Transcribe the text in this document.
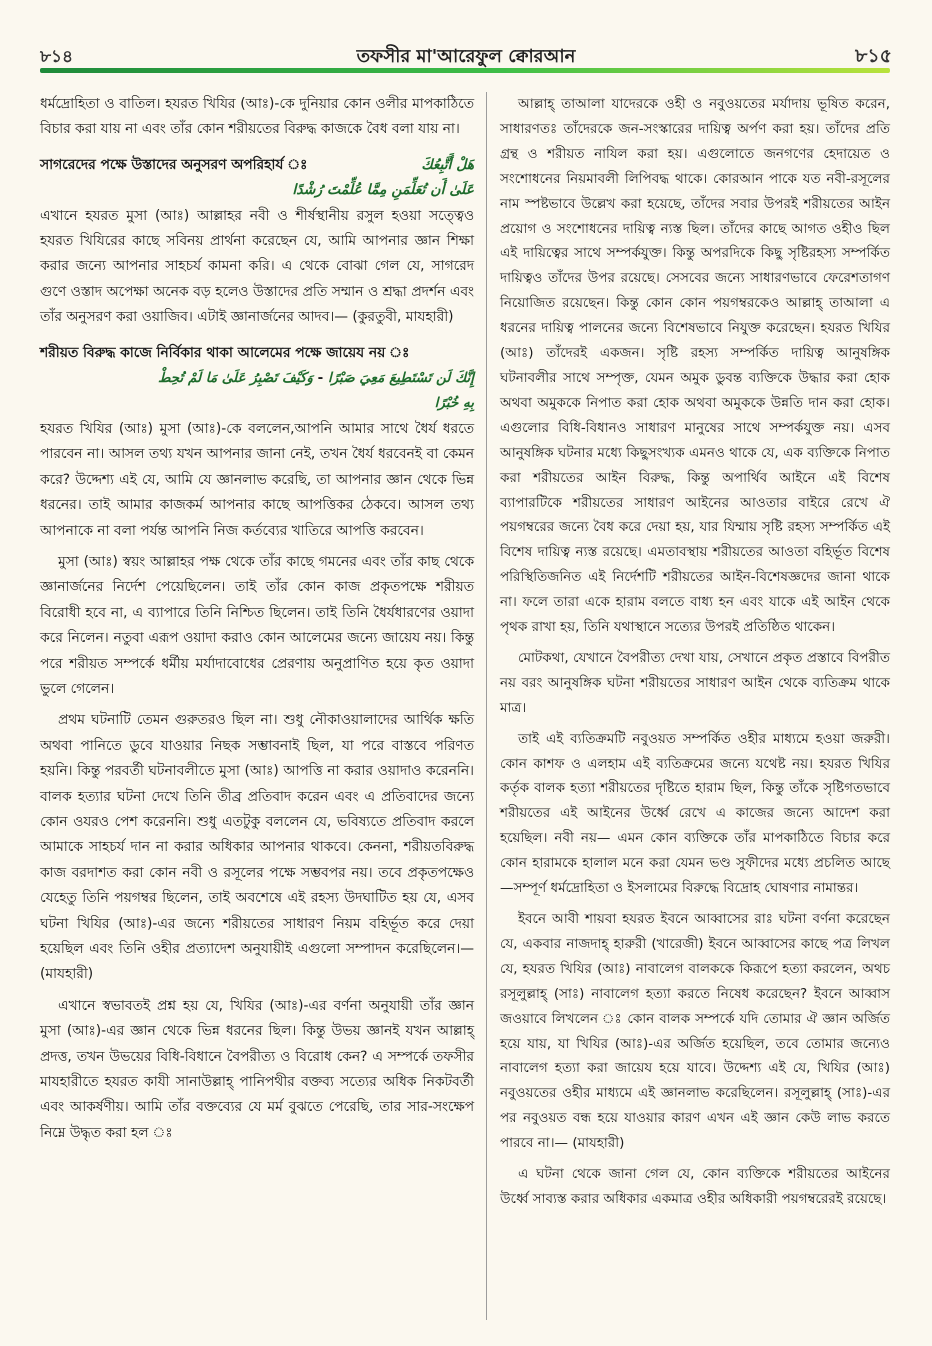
৮১৪	তফসীর মা'আরেফুল ক্বোরআন	৮১৫

ধর্মদ্রোহিতা ও বাতিল। হযরত খিযির (আঃ)-কে দুনিয়ার কোন ওলীর মাপকাঠিতে বিচার করা যায় না এবং তাঁর কোন শরীয়তের বিরুদ্ধ কাজকে বৈধ বলা যায় না।

সাগরেদের পক্ষে উস্তাদের অনুসরণ অপরিহার্য ঃ	هَلْ أَتَّبِعُكَ
عَلَىٰ أَن تُعَلِّمَنِ مِمَّا عُلِّمْتَ رُشْدًا

এখানে হযরত মুসা (আঃ) আল্লাহর নবী ও শীর্ষস্থানীয় রসুল হওয়া সত্ত্বেও হযরত খিযিরের কাছে সবিনয় প্রার্থনা করেছেন যে, আমি আপনার জ্ঞান শিক্ষা করার জন্যে আপনার সাহচর্য কামনা করি। এ থেকে বোঝা গেল যে, সাগরেদ গুণে ওস্তাদ অপেক্ষা অনেক বড় হলেও উস্তাদের প্রতি সম্মান ও শ্রদ্ধা প্রদর্শন এবং তাঁর অনুসরণ করা ওয়াজিব। এটাই জ্ঞানার্জনের আদব।— (কুরতুবী, মাযহারী)

শরীয়ত বিরুদ্ধ কাজে নির্বিকার থাকা আলেমের পক্ষে জায়েয নয় ঃ

وَكَيْفَ تَصْبِرُ عَلَىٰ مَا لَمْ تُحِطْ - إِنَّكَ لَن تَسْتَطِيعَ مَعِيَ صَبْرًا
بِهِ خُبْرًا

হযরত খিযির (আঃ) মুসা (আঃ)-কে বললেন,আপনি আমার সাথে ধৈর্য ধরতে পারবেন না। আসল তথ্য যখন আপনার জানা নেই, তখন ধৈর্য ধরবেনই বা কেমন করে? উদ্দেশ্য এই যে, আমি যে জ্ঞানলাভ করেছি, তা আপনার জ্ঞান থেকে ভিন্ন ধরনের। তাই আমার কাজকর্ম আপনার কাছে আপত্তিকর ঠেকবে। আসল তথ্য আপনাকে না বলা পর্যন্ত আপনি নিজ কর্তব্যের খাতিরে আপত্তি করবেন।

মুসা (আঃ) স্বয়ং আল্লাহর পক্ষ থেকে তাঁর কাছে গমনের এবং তাঁর কাছ থেকে জ্ঞানার্জনের নির্দেশ পেয়েছিলেন। তাই তাঁর কোন কাজ প্রকৃতপক্ষে শরীয়ত বিরোধী হবে না, এ ব্যাপারে তিনি নিশ্চিত ছিলেন। তাই তিনি ধৈর্যধারণের ওয়াদা করে নিলেন। নতুবা এরূপ ওয়াদা করাও কোন আলেমের জন্যে জায়েয নয়। কিন্তু পরে শরীয়ত সম্পর্কে ধর্মীয় মর্যাদাবোধের প্রেরণায় অনুপ্রাণিত হয়ে কৃত ওয়াদা ভুলে গেলেন।

প্রথম ঘটনাটি তেমন গুরুতরও ছিল না। শুধু নৌকাওয়ালাদের আর্থিক ক্ষতি অথবা পানিতে ডুবে যাওয়ার নিছক সম্ভাবনাই ছিল, যা পরে বাস্তবে পরিণত হয়নি। কিন্তু পরবর্তী ঘটনাবলীতে মুসা (আঃ) আপত্তি না করার ওয়াদাও করেননি। বালক হত্যার ঘটনা দেখে তিনি তীব্র প্রতিবাদ করেন এবং এ প্রতিবাদের জন্যে কোন ওযরও পেশ করেননি। শুধু এতটুকু বললেন যে, ভবিষ্যতে প্রতিবাদ করলে আমাকে সাহচর্য দান না করার অধিকার আপনার থাকবে। কেননা, শরীয়তবিরুদ্ধ কাজ বরদাশত করা কোন নবী ও রসূলের পক্ষে সম্ভবপর নয়। তবে প্রকৃতপক্ষেও যেহেতু তিনি পয়গম্বর ছিলেন, তাই অবশেষে এই রহস্য উদঘাটিত হয় যে, এসব ঘটনা খিযির (আঃ)-এর জন্যে শরীয়তের সাধারণ নিয়ম বহির্ভূত করে দেয়া হয়েছিল এবং তিনি ওহীর প্রত্যাদেশ অনুযায়ীই এগুলো সম্পাদন করেছিলেন।— (মাযহারী)

এখানে স্বভাবতই প্রশ্ন হয় যে, খিযির (আঃ)-এর বর্ণনা অনুযায়ী তাঁর জ্ঞান মুসা (আঃ)-এর জ্ঞান থেকে ভিন্ন ধরনের ছিল। কিন্তু উভয় জ্ঞানই যখন আল্লাহ্ প্রদত্ত, তখন উভয়ের বিধি-বিধানে বৈপরীত্য ও বিরোধ কেন? এ সম্পর্কে তফসীর মাযহারীতে হযরত কাযী সানাউল্লাহ্ পানিপথীর বক্তব্য সত্যের অধিক নিকটবর্তী এবং আকর্ষণীয়। আমি তাঁর বক্তব্যের যে মর্ম বুঝতে পেরেছি, তার সার-সংক্ষেপ নিম্নে উদ্ধৃত করা হল ঃ

আল্লাহ্ তাআলা যাদেরকে ওহী ও নবুওয়তের মর্যাদায় ভূষিত করেন, সাধারণতঃ তাঁদেরকে জন-সংস্কারের দায়িত্ব অর্পণ করা হয়। তাঁদের প্রতি গ্রন্থ ও শরীয়ত নাযিল করা হয়। এগুলোতে জনগণের হেদায়েত ও সংশোধনের নিয়মাবলী লিপিবদ্ধ থাকে। কোরআন পাকে যত নবী-রসূলের নাম স্পষ্টভাবে উল্লেখ করা হয়েছে, তাঁদের সবার উপরই শরীয়তের আইন প্রয়োগ ও সংশোধনের দায়িত্ব ন্যস্ত ছিল। তাঁদের কাছে আগত ওহীও ছিল এই দায়িত্বের সাথে সম্পর্কযুক্ত। কিন্তু অপরদিকে কিছু সৃষ্টিরহস্য সম্পর্কিত দায়িত্বও তাঁদের উপর রয়েছে। সেসবের জন্যে সাধারণভাবে ফেরেশতাগণ নিয়োজিত রয়েছেন। কিন্তু কোন কোন পয়গম্বরকেও আল্লাহ্ তাআলা এ ধরনের দায়িত্ব পালনের জন্যে বিশেষভাবে নিযুক্ত করেছেন। হযরত খিযির (আঃ) তাঁদেরই একজন। সৃষ্টি রহস্য সম্পর্কিত দায়িত্ব আনুষঙ্গিক ঘটনাবলীর সাথে সম্পৃক্ত, যেমন অমুক ডুবন্ত ব্যক্তিকে উদ্ধার করা হোক অথবা অমুককে নিপাত করা হোক অথবা অমুককে উন্নতি দান করা হোক। এগুলোর বিধি-বিধানও সাধারণ মানুষের সাথে সম্পর্কযুক্ত নয়। এসব আনুষঙ্গিক ঘটনার মধ্যে কিছুসংখ্যক এমনও থাকে যে, এক ব্যক্তিকে নিপাত করা শরীয়তের আইন বিরুদ্ধ, কিন্তু অপার্থিব আইনে এই বিশেষ ব্যাপারটিকে শরীয়তের সাধারণ আইনের আওতার বাইরে রেখে ঐ পয়গম্বরের জন্যে বৈধ করে দেয়া হয়, যার যিম্মায় সৃষ্টি রহস্য সম্পর্কিত এই বিশেষ দায়িত্ব ন্যস্ত রয়েছে। এমতাবস্থায় শরীয়তের আওতা বহির্ভূত বিশেষ পরিস্থিতিজনিত এই নির্দেশটি শরীয়তের আইন-বিশেষজ্ঞদের জানা থাকে না। ফলে তারা একে হারাম বলতে বাধ্য হন এবং যাকে এই আইন থেকে পৃথক রাখা হয়, তিনি যথাস্থানে সত্যের উপরই প্রতিষ্ঠিত থাকেন।

মোটকথা, যেখানে বৈপরীত্য দেখা যায়, সেখানে প্রকৃত প্রস্তাবে বিপরীত নয় বরং আনুষঙ্গিক ঘটনা শরীয়তের সাধারণ আইন থেকে ব্যতিক্রম থাকে মাত্র।

তাই এই ব্যতিক্রমটি নবুওয়ত সম্পর্কিত ওহীর মাধ্যমে হওয়া জরুরী। কোন কাশফ ও এলহাম এই ব্যতিক্রমের জন্যে যথেষ্ট নয়। হযরত খিযির কর্তৃক বালক হত্যা শরীয়তের দৃষ্টিতে হারাম ছিল, কিন্তু তাঁকে সৃষ্টিগতভাবে শরীয়তের এই আইনের উর্ধ্বে রেখে এ কাজের জন্যে আদেশ করা হয়েছিল। নবী নয়— এমন কোন ব্যক্তিকে তাঁর মাপকাঠিতে বিচার করে কোন হারামকে হালাল মনে করা যেমন ভণ্ড সুফীদের মধ্যে প্রচলিত আছে—সম্পূর্ণ ধর্মদ্রোহিতা ও ইসলামের বিরুদ্ধে বিদ্রোহ ঘোষণার নামান্তর।

ইবনে আবী শায়বা হযরত ইবনে আব্বাসের রাঃ ঘটনা বর্ণনা করেছেন যে, একবার নাজদাহ্ হারুরী (খারেজী) ইবনে আব্বাসের কাছে পত্র লিখল যে, হযরত খিযির (আঃ) নাবালেগ বালককে কিরূপে হত্যা করলেন, অথচ রসূলুল্লাহ্ (সাঃ) নাবালেগ হত্যা করতে নিষেধ করেছেন? ইবনে আব্বাস জওয়াবে লিখলেন ঃ কোন বালক সম্পর্কে যদি তোমার ঐ জ্ঞান অর্জিত হয়ে যায়, যা খিযির (আঃ)-এর অর্জিত হয়েছিল, তবে তোমার জন্যেও নাবালেগ হত্যা করা জায়েয হয়ে যাবে। উদ্দেশ্য এই যে, খিযির (আঃ) নবুওয়তের ওহীর মাধ্যমে এই জ্ঞানলাভ করেছিলেন। রসূলুল্লাহ্ (সাঃ)-এর পর নবুওয়ত বন্ধ হয়ে যাওয়ার কারণ এখন এই জ্ঞান কেউ লাভ করতে পারবে না।— (মাযহারী)

এ ঘটনা থেকে জানা গেল যে, কোন ব্যক্তিকে শরীয়তের আইনের উর্ধ্বে সাব্যস্ত করার অধিকার একমাত্র ওহীর অধিকারী পয়গম্বরেরই রয়েছে।
